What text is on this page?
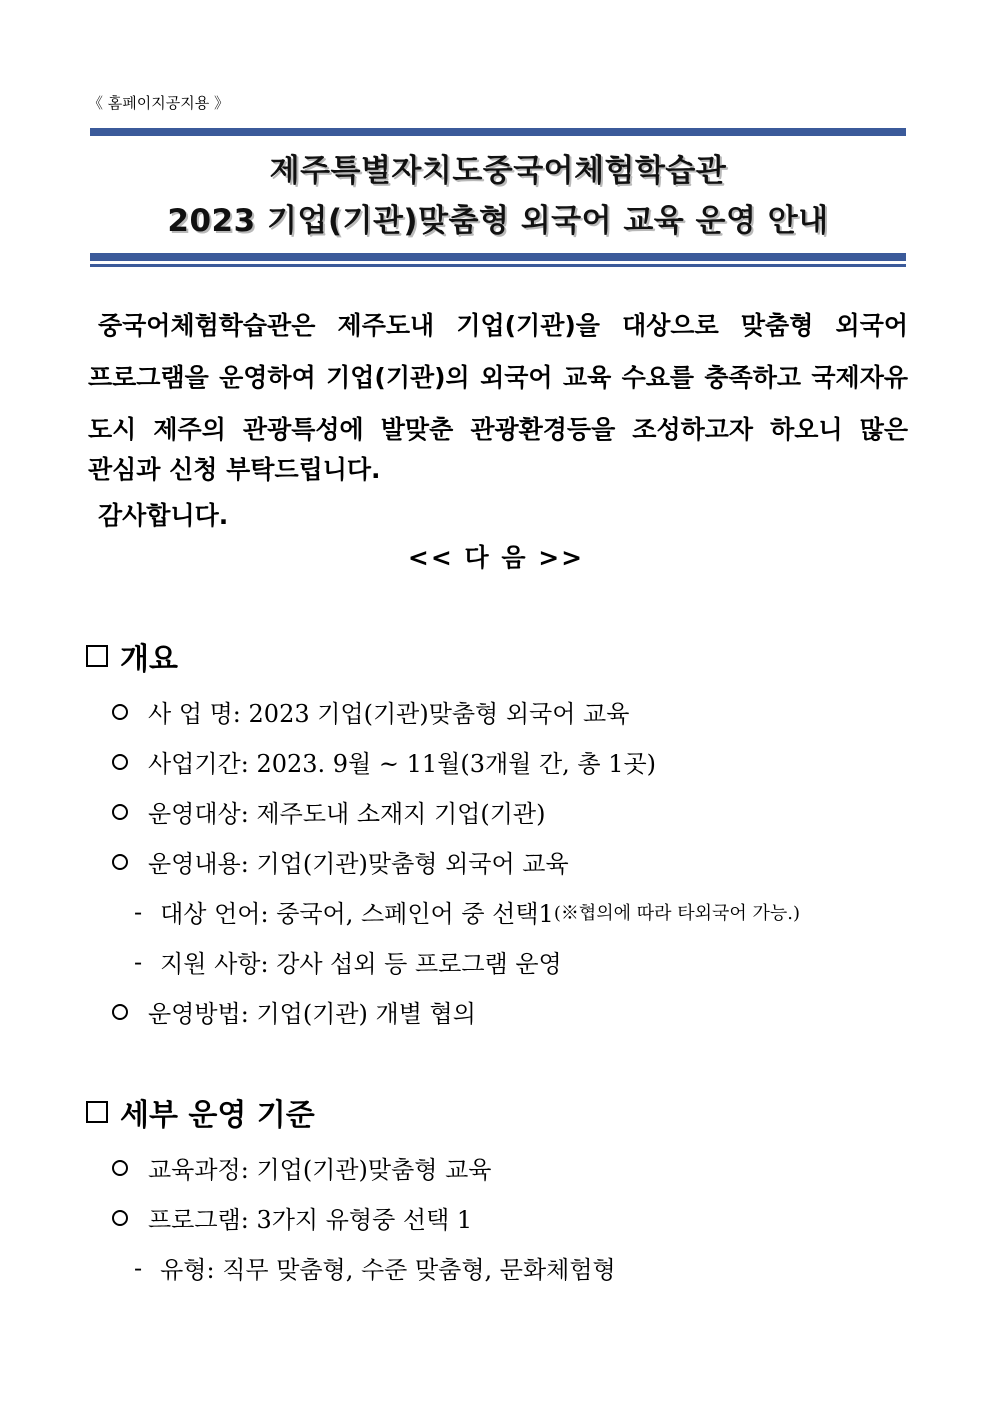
《 홈페이지공지용 》
제주특별자치도중국어체험학습관
2023 기업(기관)맞춤형 외국어 교육 운영 안내
중국어체험학습관은 제주도내 기업(기관)을 대상으로 맞춤형 외국어
프로그램을 운영하여 기업(기관)의 외국어 교육 수요를 충족하고 국제자유
도시 제주의 관광특성에 발맞춘 관광환경등을 조성하고자 하오니 많은
관심과 신청 부탁드립니다.
감사합니다.
<< 다 음 >>
개요
사 업 명: 2023 기업(기관)맞춤형 외국어 교육
사업기간: 2023. 9월 ~ 11월(3개월 간, 총 1곳)
운영대상: 제주도내 소재지 기업(기관)
운영내용: 기업(기관)맞춤형 외국어 교육
- 대상 언어: 중국어, 스페인어 중 선택1 (※협의에 따라 타외국어 가능.)
- 지원 사항: 강사 섭외 등 프로그램 운영
운영방법: 기업(기관) 개별 협의
세부 운영 기준
교육과정: 기업(기관)맞춤형 교육
프로그램: 3가지 유형중 선택 1
- 유형: 직무 맞춤형, 수준 맞춤형, 문화체험형
